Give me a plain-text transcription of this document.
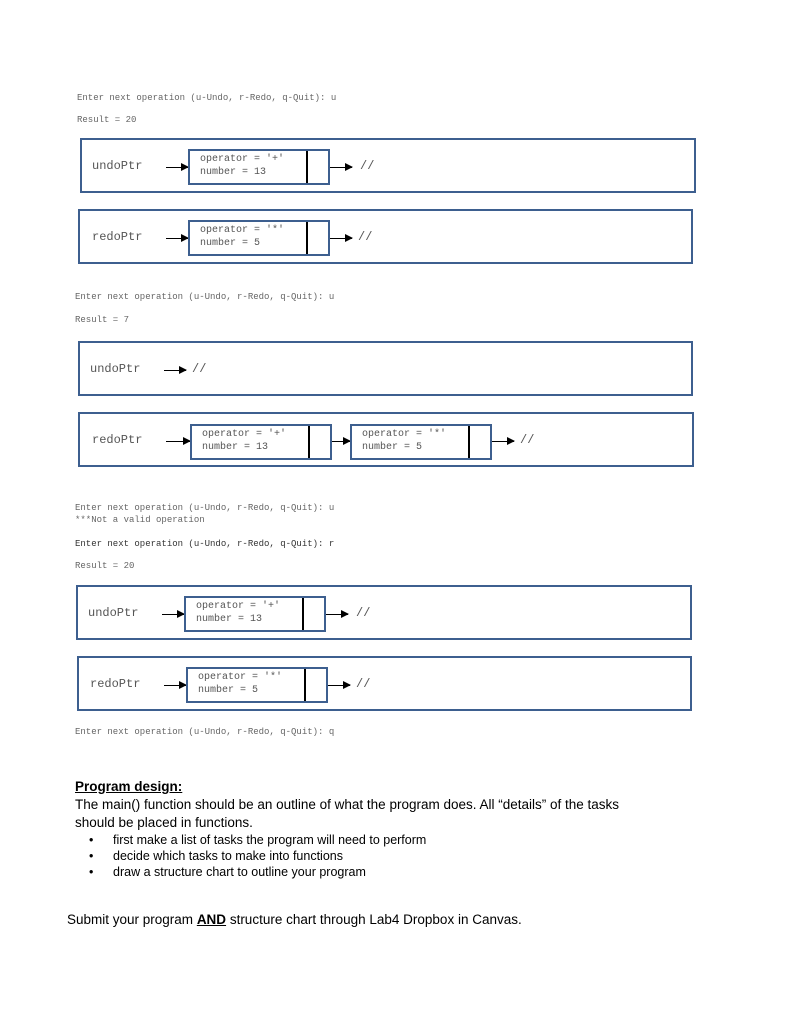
Enter next operation (u-Undo, r-Redo, q-Quit): u
Result = 20
undoPtr	operator = '+'
number = 13	//
redoPtr	operator = '*'
number = 5	//
Enter next operation (u-Undo, r-Redo, q-Quit): u
Result = 7
undoPtr	//
redoPtr	operator = '+'
number = 13
operator = '*'
number = 5
//
Enter next operation (u-Undo, r-Redo, q-Quit): u
***Not a valid operation
Enter next operation (u-Undo, r-Redo, q-Quit): r
Result = 20
undoPtr	operator = '+'
number = 13	//
redoPtr	operator = '*'
number = 5	//
Enter next operation (u-Undo, r-Redo, q-Quit): q
Program design:
The main() function should be an outline of what the program does. All “details” of the tasks
should be placed in functions.
• first make a list of tasks the program will need to perform
• decide which tasks to make into functions
• draw a structure chart to outline your program
Submit your program AND structure chart through Lab4 Dropbox in Canvas.
